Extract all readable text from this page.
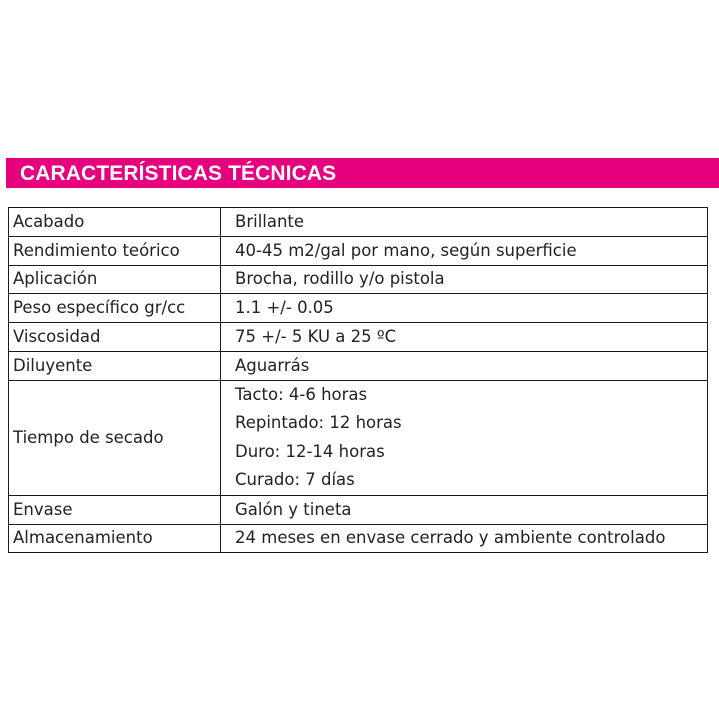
CARACTERÍSTICAS TÉCNICAS
Acabado	Brillante
Rendimiento teórico	40-45 m2/gal por mano, según superficie
Aplicación	Brocha, rodillo y/o pistola
Peso específico gr/cc	1.1 +/- 0.05
Viscosidad	75 +/- 5 KU a 25 ºC
Diluyente	Aguarrás
Tiempo de secado	Tacto: 4-6 horas
Repintado: 12 horas
Duro: 12-14 horas
Curado: 7 días

Envase	Galón y tineta
Almacenamiento	24 meses en envase cerrado y ambiente controlado
